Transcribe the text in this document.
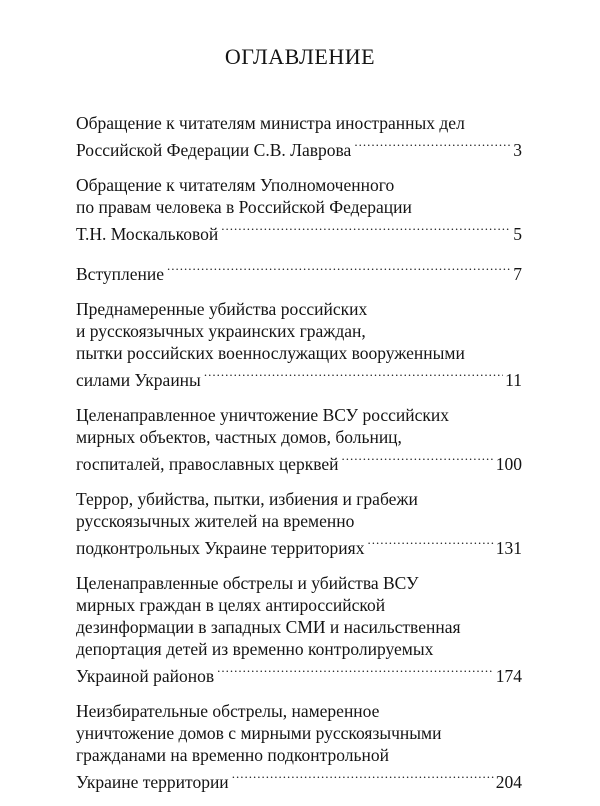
ОГЛАВЛЕНИЕ
Обращение к читателям министра иностранных дел
Российской Федерации С.В. Лаврова .....	3
Обращение к читателям Уполномоченного
по правам человека в Российской Федерации
Т.Н. Москальковой .....	5
Вступление .....	7
Преднамеренные убийства российских
и русскоязычных украинских граждан,
пытки российских военнослужащих вооруженными
силами Украины .....	11
Целенаправленное уничтожение ВСУ российских
мирных объектов, частных домов, больниц,
госпиталей, православных церквей .....	100
Террор, убийства, пытки, избиения и грабежи
русскоязычных жителей на временно
подконтрольных Украине территориях .....	131
Целенаправленные обстрелы и убийства ВСУ
мирных граждан в целях антироссийской
дезинформации в западных СМИ и насильственная
депортация детей из временно контролируемых
Украиной районов .....	174
Неизбирательные обстрелы, намеренное
уничтожение домов с мирными русскоязычными
гражданами на временно подконтрольной
Украине территории .....	204
